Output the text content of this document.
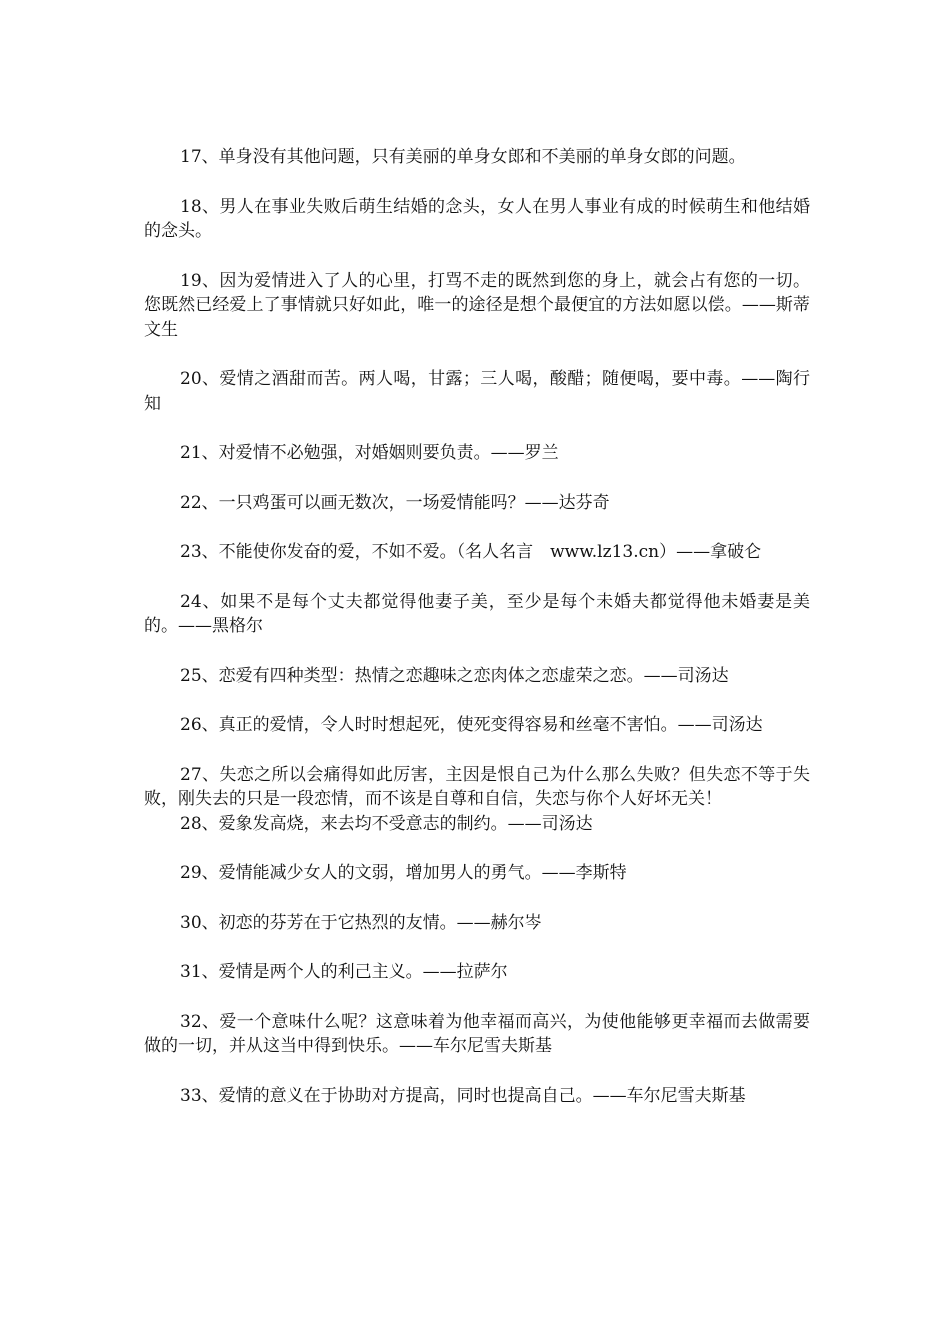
17、单身没有其他问题，只有美丽的单身女郎和不美丽的单身女郎的问题。

18、男人在事业失败后萌生结婚的念头，女人在男人事业有成的时候萌生和他结婚的念头。

19、因为爱情进入了人的心里，打骂不走的既然到您的身上，就会占有您的一切。您既然已经爱上了事情就只好如此，唯一的途径是想个最便宜的方法如愿以偿。——斯蒂文生

20、爱情之酒甜而苦。两人喝，甘露；三人喝，酸醋；随便喝，要中毒。——陶行知

21、对爱情不必勉强，对婚姻则要负责。——罗兰

22、一只鸡蛋可以画无数次，一场爱情能吗？——达芬奇

23、不能使你发奋的爱，不如不爱。（名人名言　www.lz13.cn）——拿破仑

24、如果不是每个丈夫都觉得他妻子美，至少是每个未婚夫都觉得他未婚妻是美的。——黑格尔

25、恋爱有四种类型：热情之恋趣味之恋肉体之恋虚荣之恋。——司汤达

26、真正的爱情，令人时时想起死，使死变得容易和丝毫不害怕。——司汤达

27、失恋之所以会痛得如此厉害，主因是恨自己为什么那么失败？但失恋不等于失败，刚失去的只是一段恋情，而不该是自尊和自信，失恋与你个人好坏无关！

28、爱象发高烧，来去均不受意志的制约。——司汤达

29、爱情能减少女人的文弱，增加男人的勇气。——李斯特

30、初恋的芬芳在于它热烈的友情。——赫尔岑

31、爱情是两个人的利己主义。——拉萨尔

32、爱一个意味什么呢？这意味着为他幸福而高兴，为使他能够更幸福而去做需要做的一切，并从这当中得到快乐。——车尔尼雪夫斯基

33、爱情的意义在于协助对方提高，同时也提高自己。——车尔尼雪夫斯基
